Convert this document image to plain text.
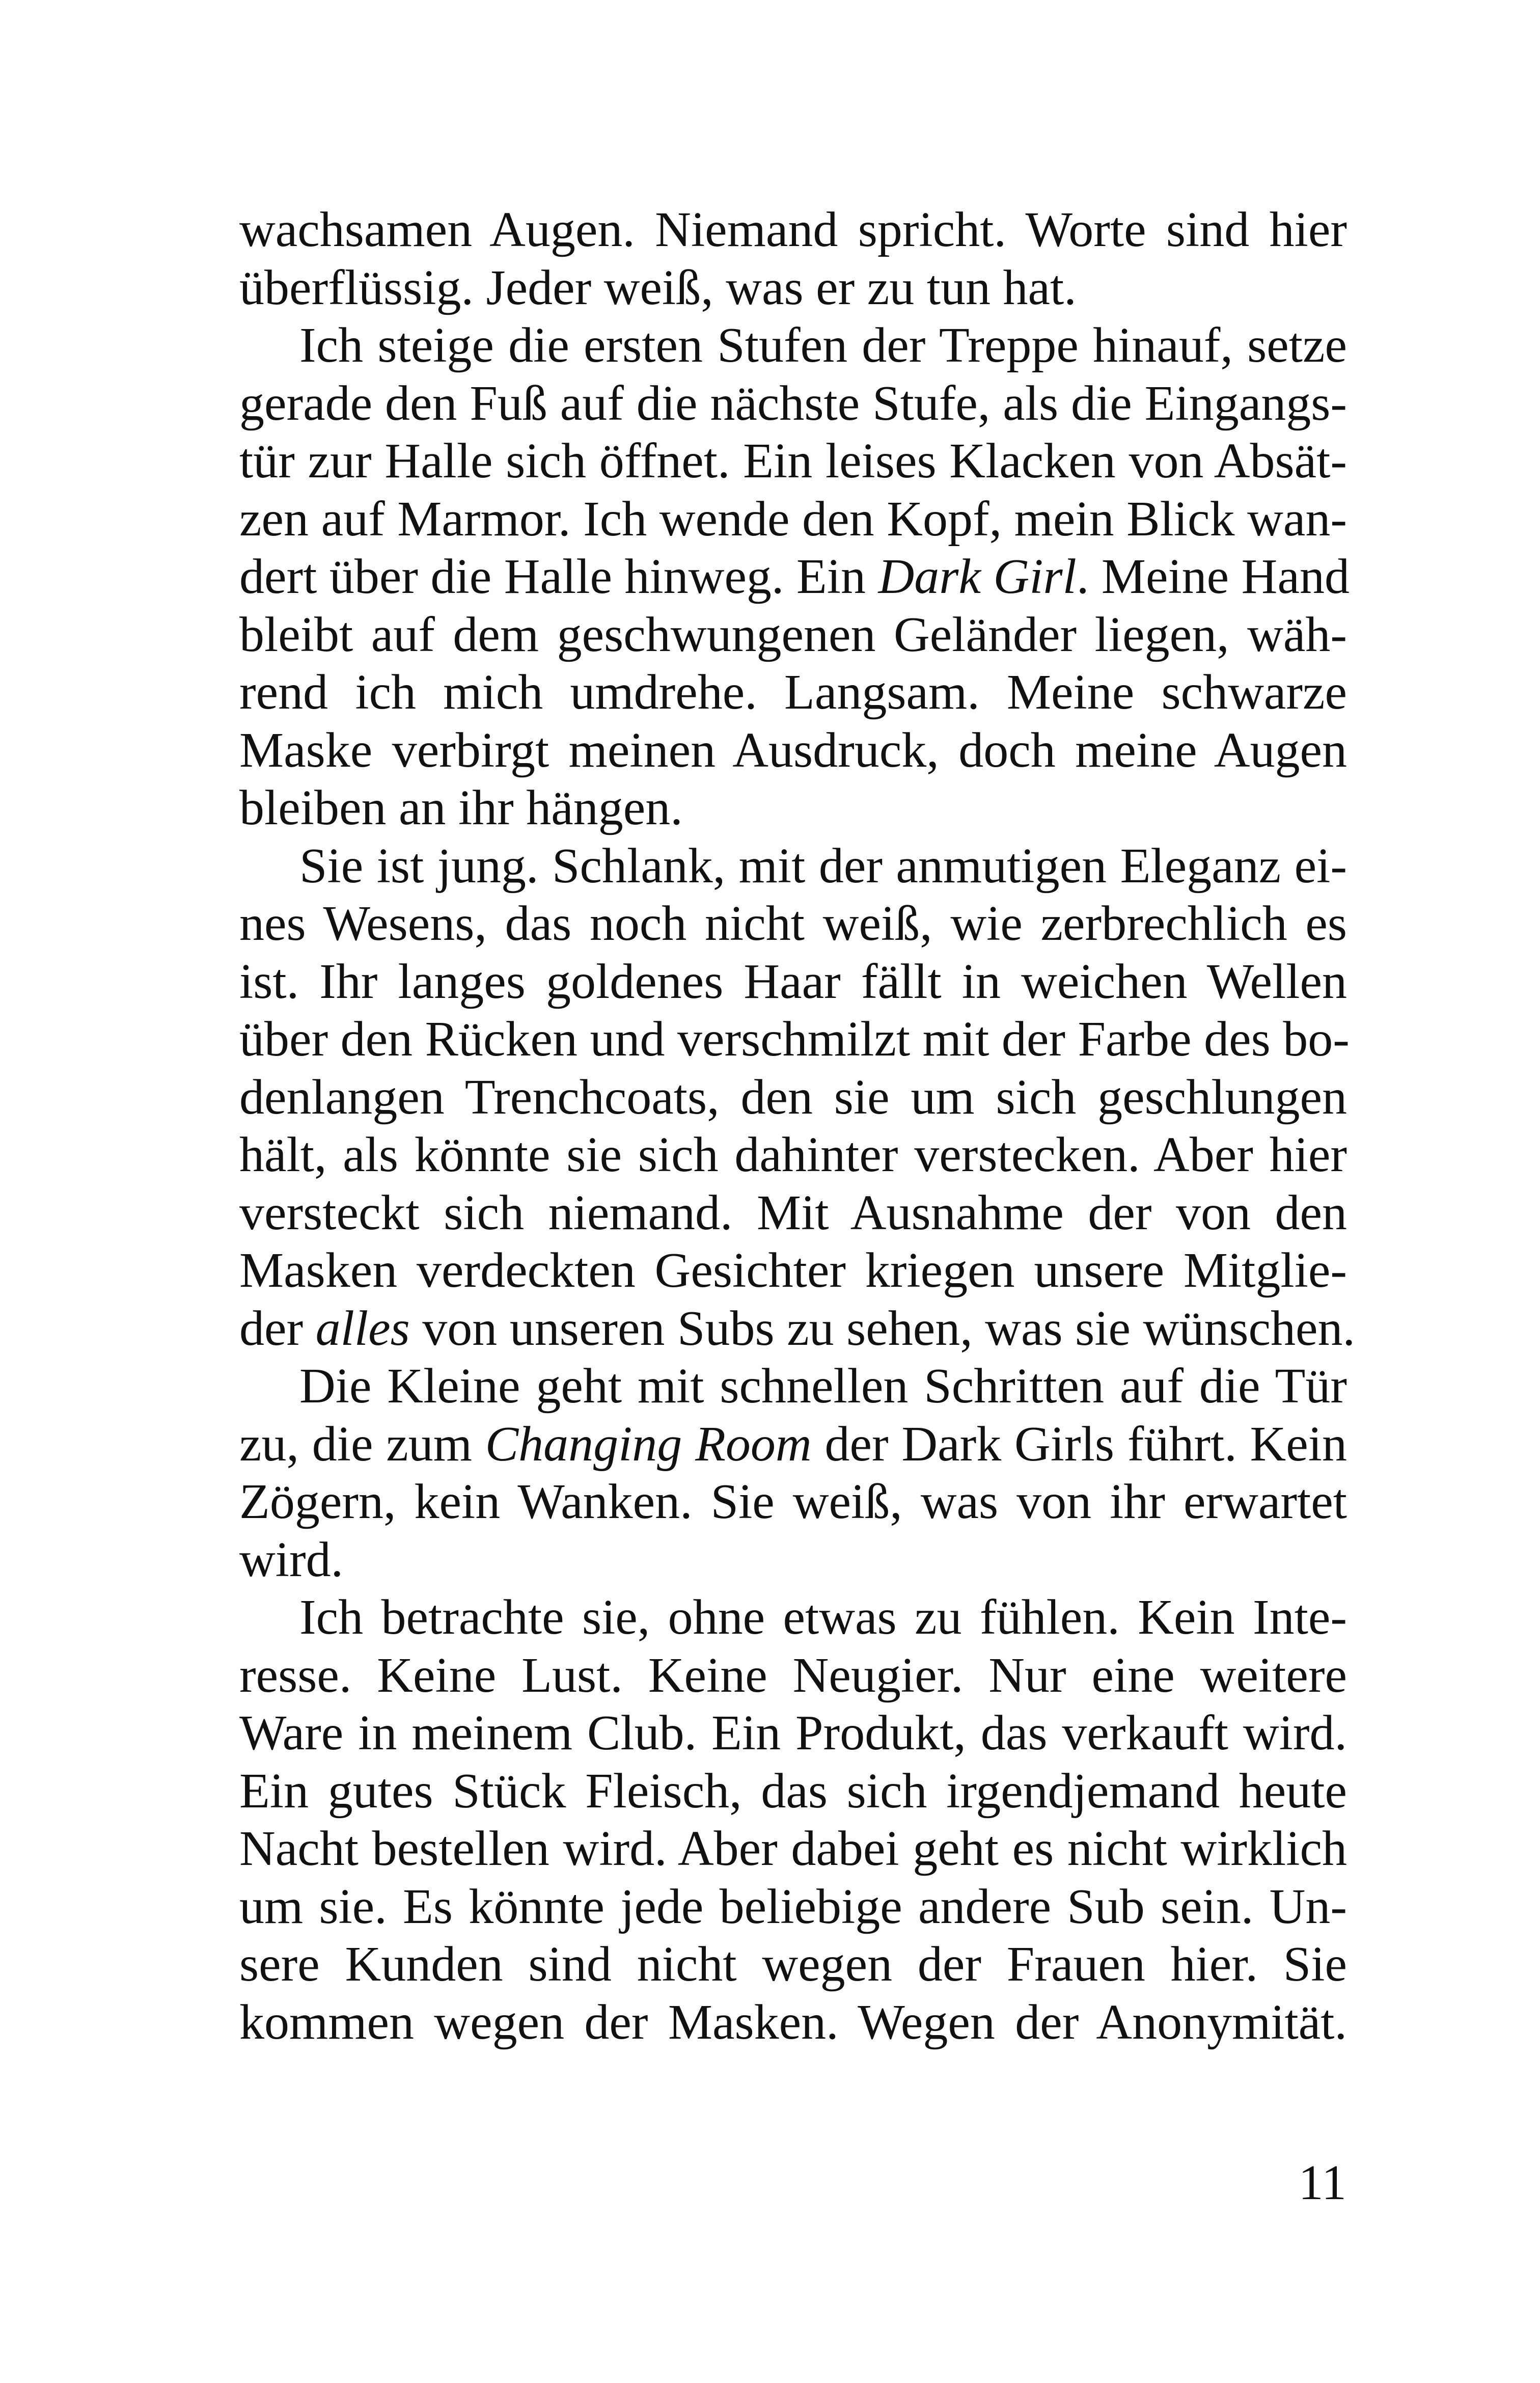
wachsamen Augen. Niemand spricht. Worte sind hier
überflüssig. Jeder weiß, was er zu tun hat.
Ich steige die ersten Stufen der Treppe hinauf, setze
gerade den Fuß auf die nächste Stufe, als die Eingangs-
tür zur Halle sich öffnet. Ein leises Klacken von Absät-
zen auf Marmor. Ich wende den Kopf, mein Blick wan-
dert über die Halle hinweg. Ein Dark Girl. Meine Hand
bleibt auf dem geschwungenen Geländer liegen, wäh-
rend ich mich umdrehe. Langsam. Meine schwarze
Maske verbirgt meinen Ausdruck, doch meine Augen
bleiben an ihr hängen.
Sie ist jung. Schlank, mit der anmutigen Eleganz ei-
nes Wesens, das noch nicht weiß, wie zerbrechlich es
ist. Ihr langes goldenes Haar fällt in weichen Wellen
über den Rücken und verschmilzt mit der Farbe des bo-
denlangen Trenchcoats, den sie um sich geschlungen
hält, als könnte sie sich dahinter verstecken. Aber hier
versteckt sich niemand. Mit Ausnahme der von den
Masken verdeckten Gesichter kriegen unsere Mitglie-
der alles von unseren Subs zu sehen, was sie wünschen.
Die Kleine geht mit schnellen Schritten auf die Tür
zu, die zum Changing Room der Dark Girls führt. Kein
Zögern, kein Wanken. Sie weiß, was von ihr erwartet
wird.
Ich betrachte sie, ohne etwas zu fühlen. Kein Inte-
resse. Keine Lust. Keine Neugier. Nur eine weitere
Ware in meinem Club. Ein Produkt, das verkauft wird.
Ein gutes Stück Fleisch, das sich irgendjemand heute
Nacht bestellen wird. Aber dabei geht es nicht wirklich
um sie. Es könnte jede beliebige andere Sub sein. Un-
sere Kunden sind nicht wegen der Frauen hier. Sie
kommen wegen der Masken. Wegen der Anonymität.
11
